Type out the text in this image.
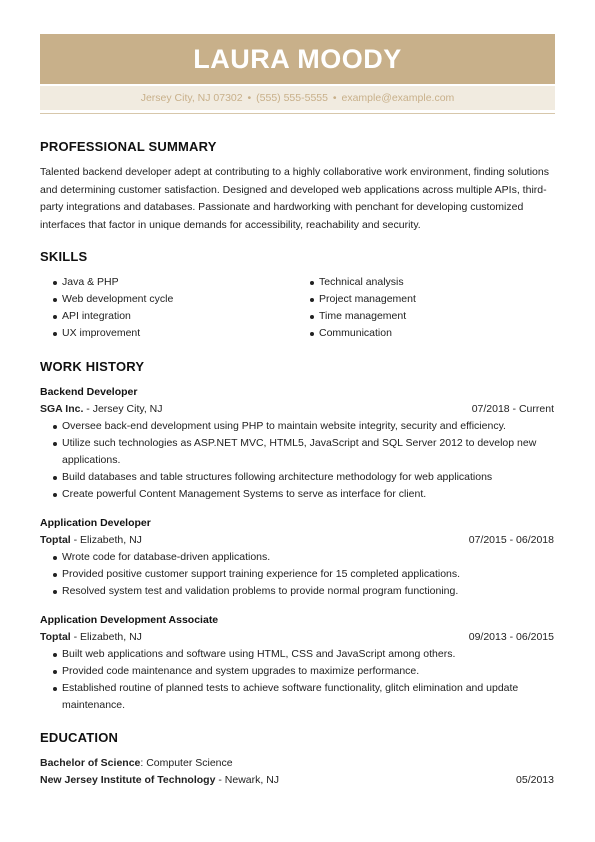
LAURA MOODY
Jersey City, NJ 07302 • (555) 555-5555 • example@example.com
PROFESSIONAL SUMMARY
Talented backend developer adept at contributing to a highly collaborative work environment, finding solutions and determining customer satisfaction. Designed and developed web applications across multiple APIs, third-party integrations and databases. Passionate and hardworking with penchant for developing customized interfaces that factor in unique demands for accessibility, reachability and security.
SKILLS
Java & PHP
Web development cycle
API integration
UX improvement
Technical analysis
Project management
Time management
Communication
WORK HISTORY
Backend Developer
SGA Inc. - Jersey City, NJ	07/2018 - Current
Oversee back-end development using PHP to maintain website integrity, security and efficiency.
Utilize such technologies as ASP.NET MVC, HTML5, JavaScript and SQL Server 2012 to develop new applications.
Build databases and table structures following architecture methodology for web applications
Create powerful Content Management Systems to serve as interface for client.
Application Developer
Toptal - Elizabeth, NJ	07/2015 - 06/2018
Wrote code for database-driven applications.
Provided positive customer support training experience for 15 completed applications.
Resolved system test and validation problems to provide normal program functioning.
Application Development Associate
Toptal - Elizabeth, NJ	09/2013 - 06/2015
Built web applications and software using HTML, CSS and JavaScript among others.
Provided code maintenance and system upgrades to maximize performance.
Established routine of planned tests to achieve software functionality, glitch elimination and update maintenance.
EDUCATION
Bachelor of Science: Computer Science
New Jersey Institute of Technology - Newark, NJ	05/2013
